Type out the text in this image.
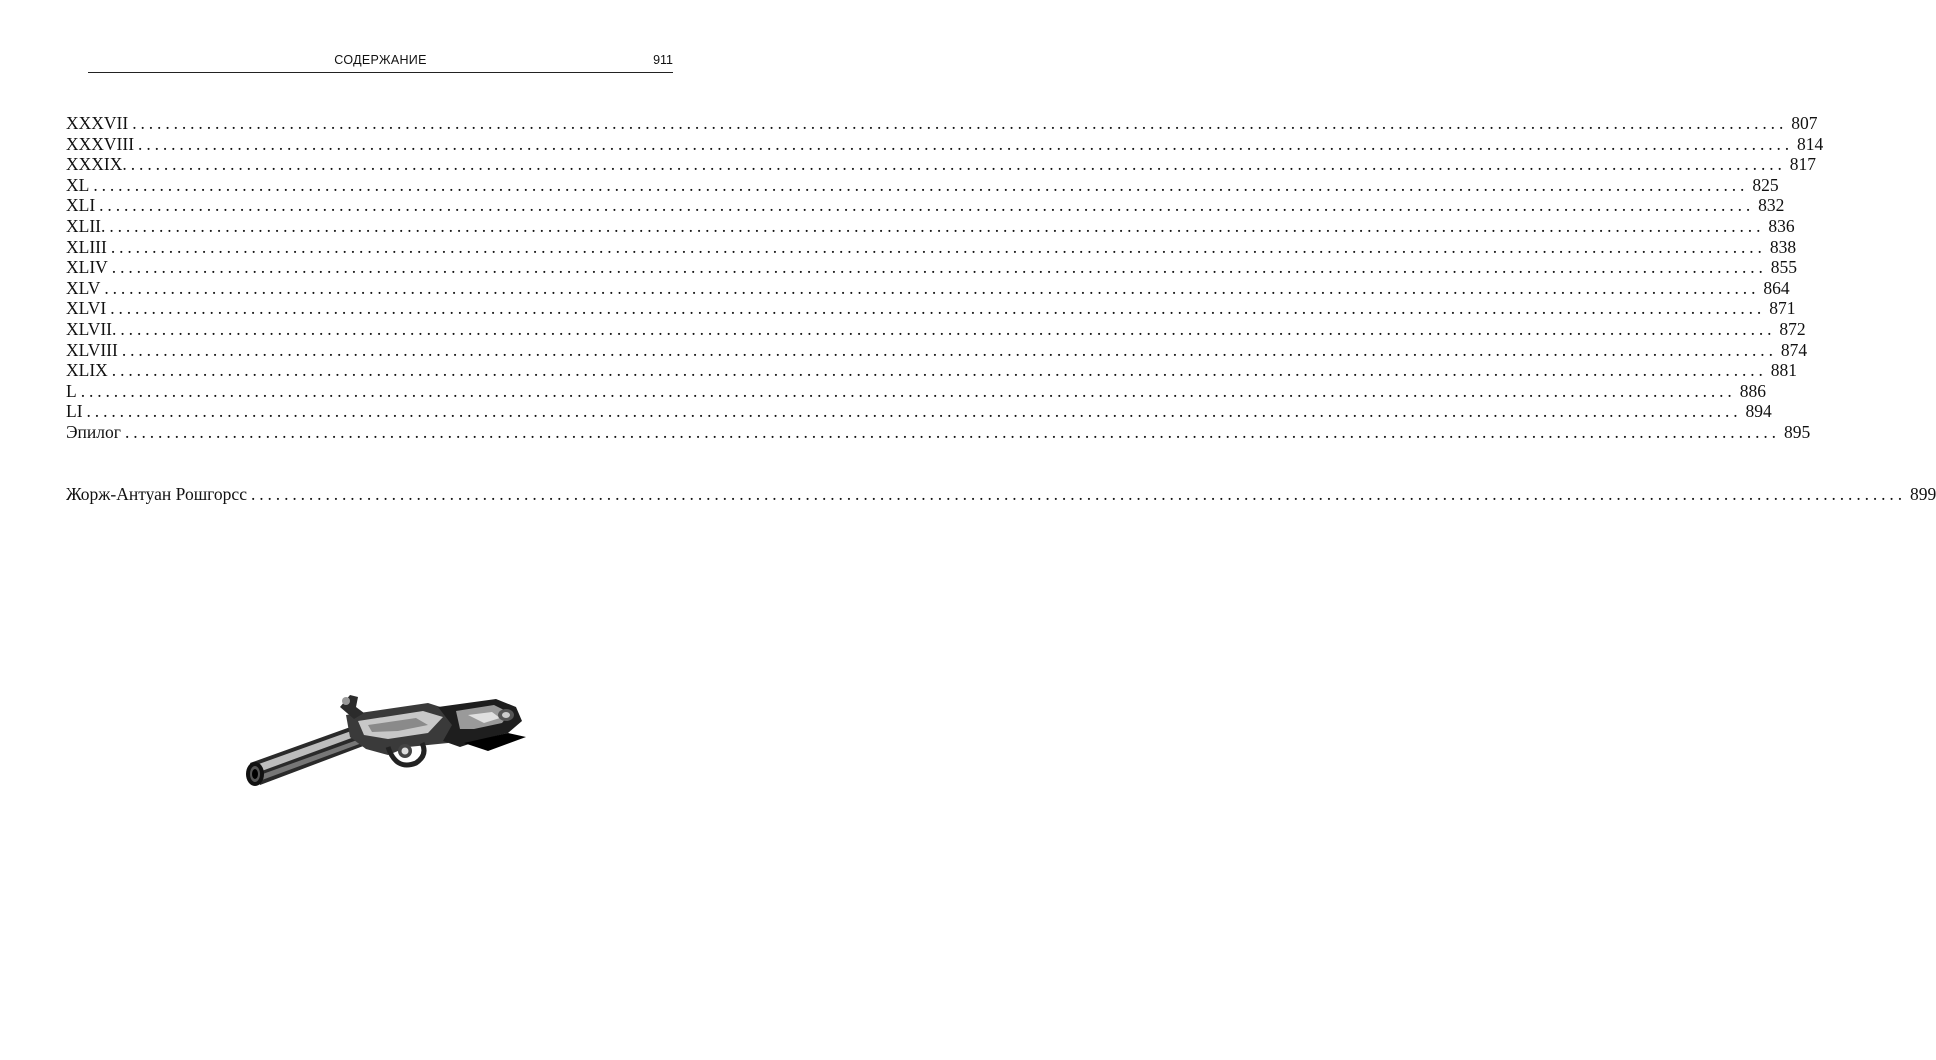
СОДЕРЖАНИЕ	911
XXXVII ........................................................................................................................................................................................................ 807
XXXVIII ........................................................................................................................................................................................................ 814
XXXIX. ........................................................................................................................................................................................................ 817
XL ........................................................................................................................................................................................................ 825
XLI ........................................................................................................................................................................................................ 832
XLII. ........................................................................................................................................................................................................ 836
XLIII ........................................................................................................................................................................................................ 838
XLIV ........................................................................................................................................................................................................ 855
XLV ........................................................................................................................................................................................................ 864
XLVI ........................................................................................................................................................................................................ 871
XLVII. ........................................................................................................................................................................................................ 872
XLVIII ........................................................................................................................................................................................................ 874
XLIX ........................................................................................................................................................................................................ 881
L ........................................................................................................................................................................................................ 886
LI ........................................................................................................................................................................................................ 894
Эпилог ........................................................................................................................................................................................................ 895
Жорж-Антуан Рошгорсс ........................................................................................................................................................................................................ 899
